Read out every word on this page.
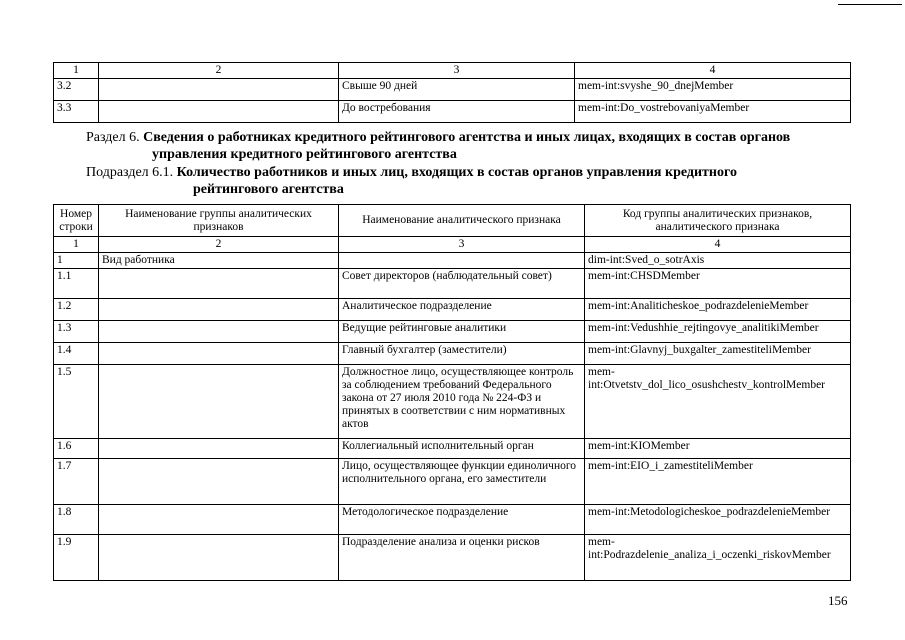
1	2	3	4
3.2		Свыше 90 дней	mem-int:svyshe_90_dnejMember
3.3		До востребования	mem-int:Do_vostrebovaniyaMember
Раздел 6. Сведения о работниках кредитного рейтингового агентства и иных лицах, входящих в состав органов
управления кредитного рейтингового агентства
Подраздел 6.1. Количество работников и иных лиц, входящих в состав органов управления кредитного
рейтингового агентства
Номер строки	Наименование группы аналитических признаков	Наименование аналитического признака	Код группы аналитических признаков, аналитического признака
1	2	3	4
1	Вид работника		dim-int:Sved_o_sotrAxis
1.1		Совет директоров (наблюдательный совет)	mem-int:CHSDMember
1.2		Аналитическое подразделение	mem-int:Analiticheskoe_podrazdelenieMember
1.3		Ведущие рейтинговые аналитики	mem-int:Vedushhie_rejtingovye_analitikiMember
1.4		Главный бухгалтер (заместители)	mem-int:Glavnyj_buxgalter_zamestiteliMember
1.5		Должностное лицо, осуществляющее контроль за соблюдением требований Федерального закона от 27 июля 2010 года № 224-ФЗ и принятых в соответствии с ним нормативных актов	mem-int:Otvetstv_dol_lico_osushchestv_kontrolMember
1.6		Коллегиальный исполнительный орган	mem-int:KIOMember
1.7		Лицо, осуществляющее функции единоличного исполнительного органа, его заместители	mem-int:EIO_i_zamestiteliMember
1.8		Методологическое подразделение	mem-int:Metodologicheskoe_podrazdelenieMember
1.9		Подразделение анализа и оценки рисков	mem-int:Podrazdelenie_analiza_i_oczenki_riskovMember
156
